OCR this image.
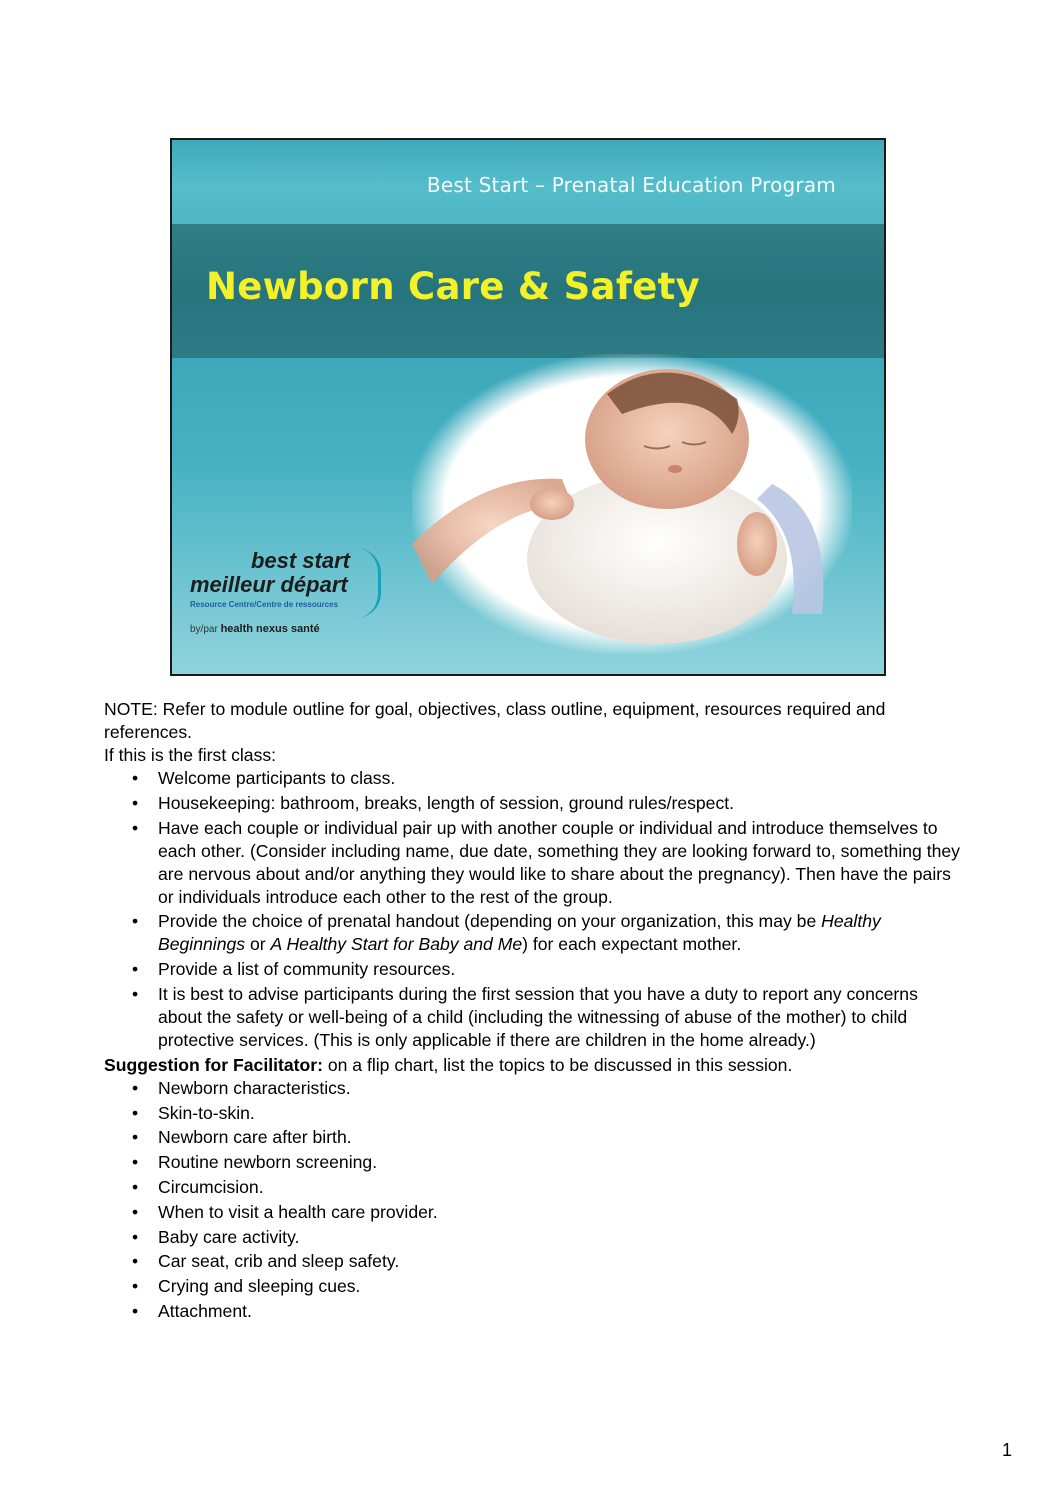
Best Start – Prenatal Education Program
Newborn Care & Safety
best start
meilleur départ
Resource Centre/Centre de ressources
by/par health nexus santé

NOTE: Refer to module outline for goal, objectives, class outline, equipment, resources required and references.

If this is the first class:

• Welcome participants to class.
• Housekeeping: bathroom, breaks, length of session, ground rules/respect.
• Have each couple or individual pair up with another couple or individual and introduce themselves to each other. (Consider including name, due date, something they are looking forward to, something they are nervous about and/or anything they would like to share about the pregnancy). Then have the pairs or individuals introduce each other to the rest of the group.
• Provide the choice of prenatal handout (depending on your organization, this may be Healthy Beginnings or A Healthy Start for Baby and Me) for each expectant mother.
• Provide a list of community resources.
• It is best to advise participants during the first session that you have a duty to report any concerns about the safety or well-being of a child (including the witnessing of abuse of the mother) to child protective services. (This is only applicable if there are children in the home already.)

Suggestion for Facilitator: on a flip chart, list the topics to be discussed in this session.

• Newborn characteristics.
• Skin-to-skin.
• Newborn care after birth.
• Routine newborn screening.
• Circumcision.
• When to visit a health care provider.
• Baby care activity.
• Car seat, crib and sleep safety.
• Crying and sleeping cues.
• Attachment.
1
